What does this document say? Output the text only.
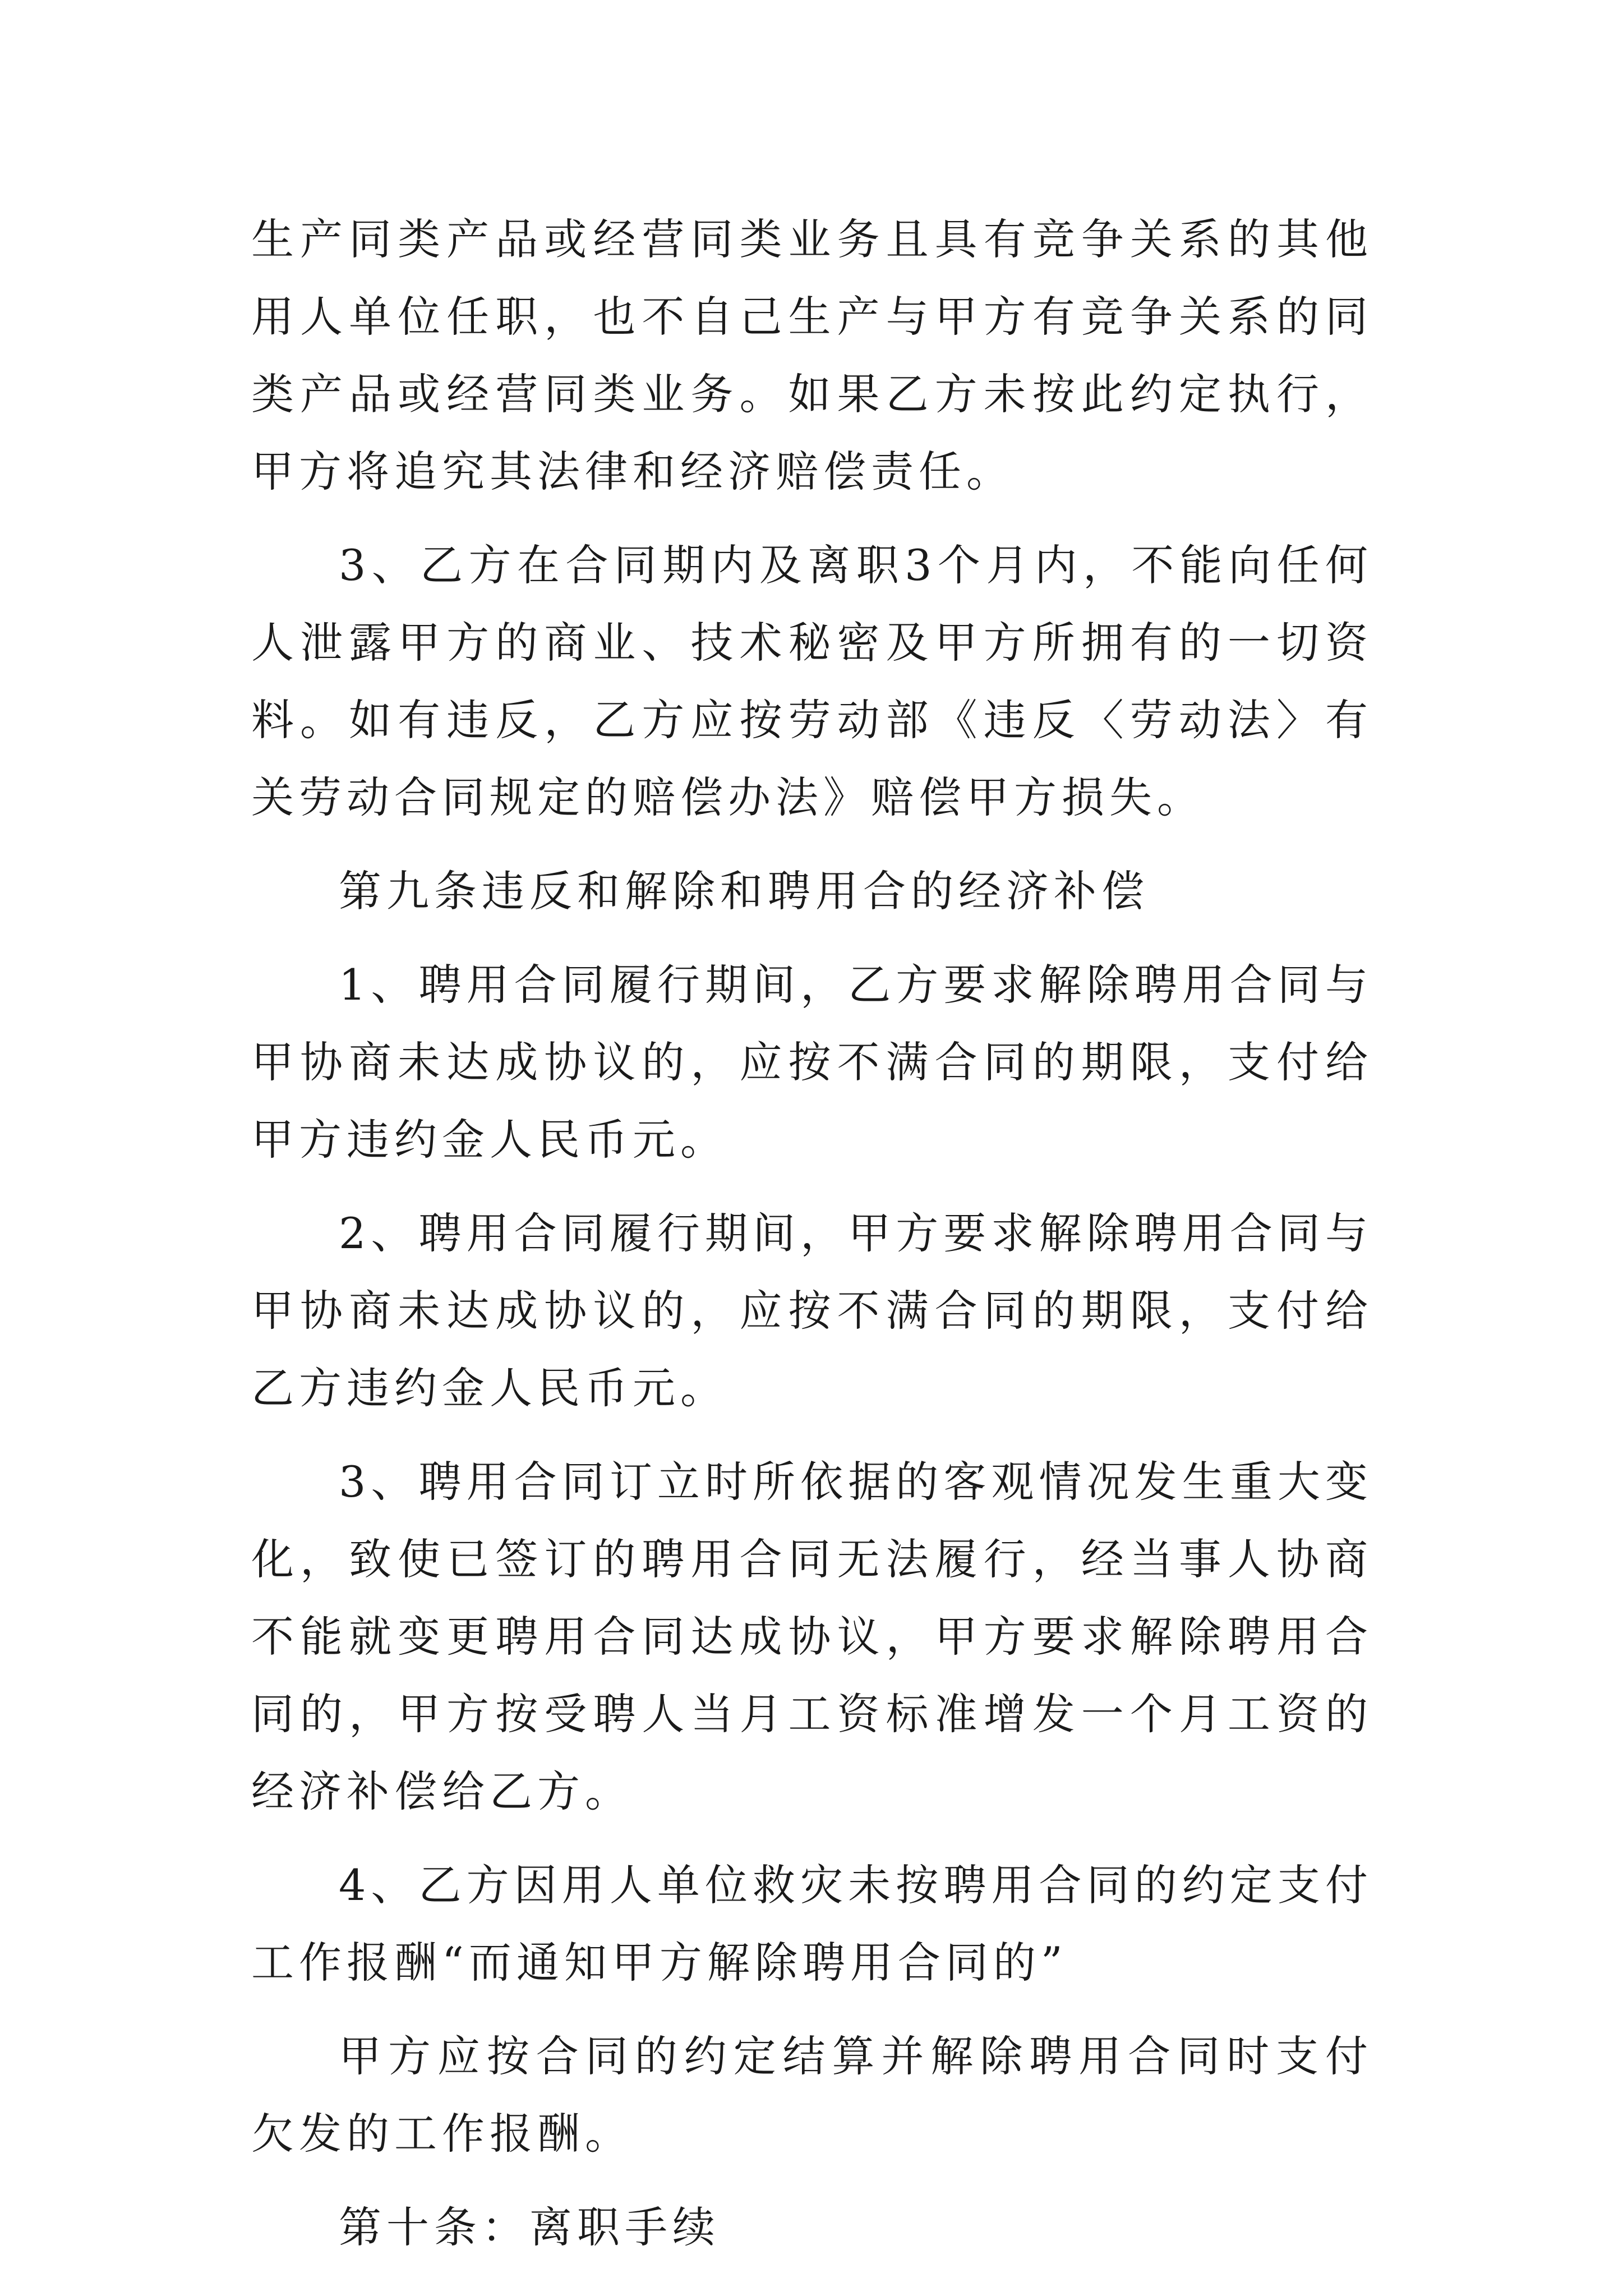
生产同类产品或经营同类业务且具有竞争关系的其他用人单位任职，也不自己生产与甲方有竞争关系的同类产品或经营同类业务。如果乙方未按此约定执行，甲方将追究其法律和经济赔偿责任。

3、乙方在合同期内及离职3个月内，不能向任何人泄露甲方的商业、技术秘密及甲方所拥有的一切资料。如有违反，乙方应按劳动部《违反〈劳动法〉有关劳动合同规定的赔偿办法》赔偿甲方损失。

第九条违反和解除和聘用合的经济补偿

1、聘用合同履行期间，乙方要求解除聘用合同与甲协商未达成协议的，应按不满合同的期限，支付给甲方违约金人民币元。

2、聘用合同履行期间，甲方要求解除聘用合同与甲协商未达成协议的，应按不满合同的期限，支付给乙方违约金人民币元。

3、聘用合同订立时所依据的客观情况发生重大变化，致使已签订的聘用合同无法履行，经当事人协商不能就变更聘用合同达成协议，甲方要求解除聘用合同的，甲方按受聘人当月工资标准增发一个月工资的经济补偿给乙方。

4、乙方因用人单位救灾未按聘用合同的约定支付工作报酬“而通知甲方解除聘用合同的”

甲方应按合同的约定结算并解除聘用合同时支付欠发的工作报酬。

第十条：离职手续
